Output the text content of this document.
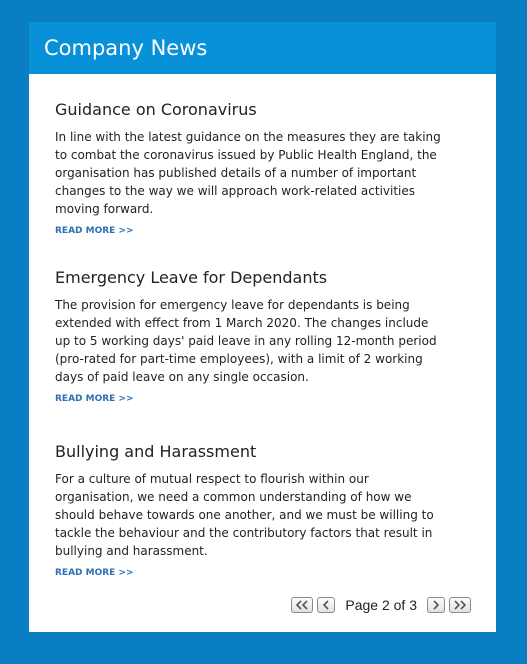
Company News
Guidance on Coronavirus

In line with the latest guidance on the measures they are taking to combat the coronavirus issued by Public Health England, the organisation has published details of a number of important changes to the way we will approach work-related activities moving forward.

READ MORE >>
Emergency Leave for Dependants

The provision for emergency leave for dependants is being extended with effect from 1 March 2020. The changes include up to 5 working days' paid leave in any rolling 12-month period (pro-rated for part-time employees), with a limit of 2 working days of paid leave on any single occasion.

READ MORE >>
Bullying and Harassment

For a culture of mutual respect to flourish within our organisation, we need a common understanding of how we should behave towards one another, and we must be willing to tackle the behaviour and the contributory factors that result in bullying and harassment.

READ MORE >>
Page 2 of 3
